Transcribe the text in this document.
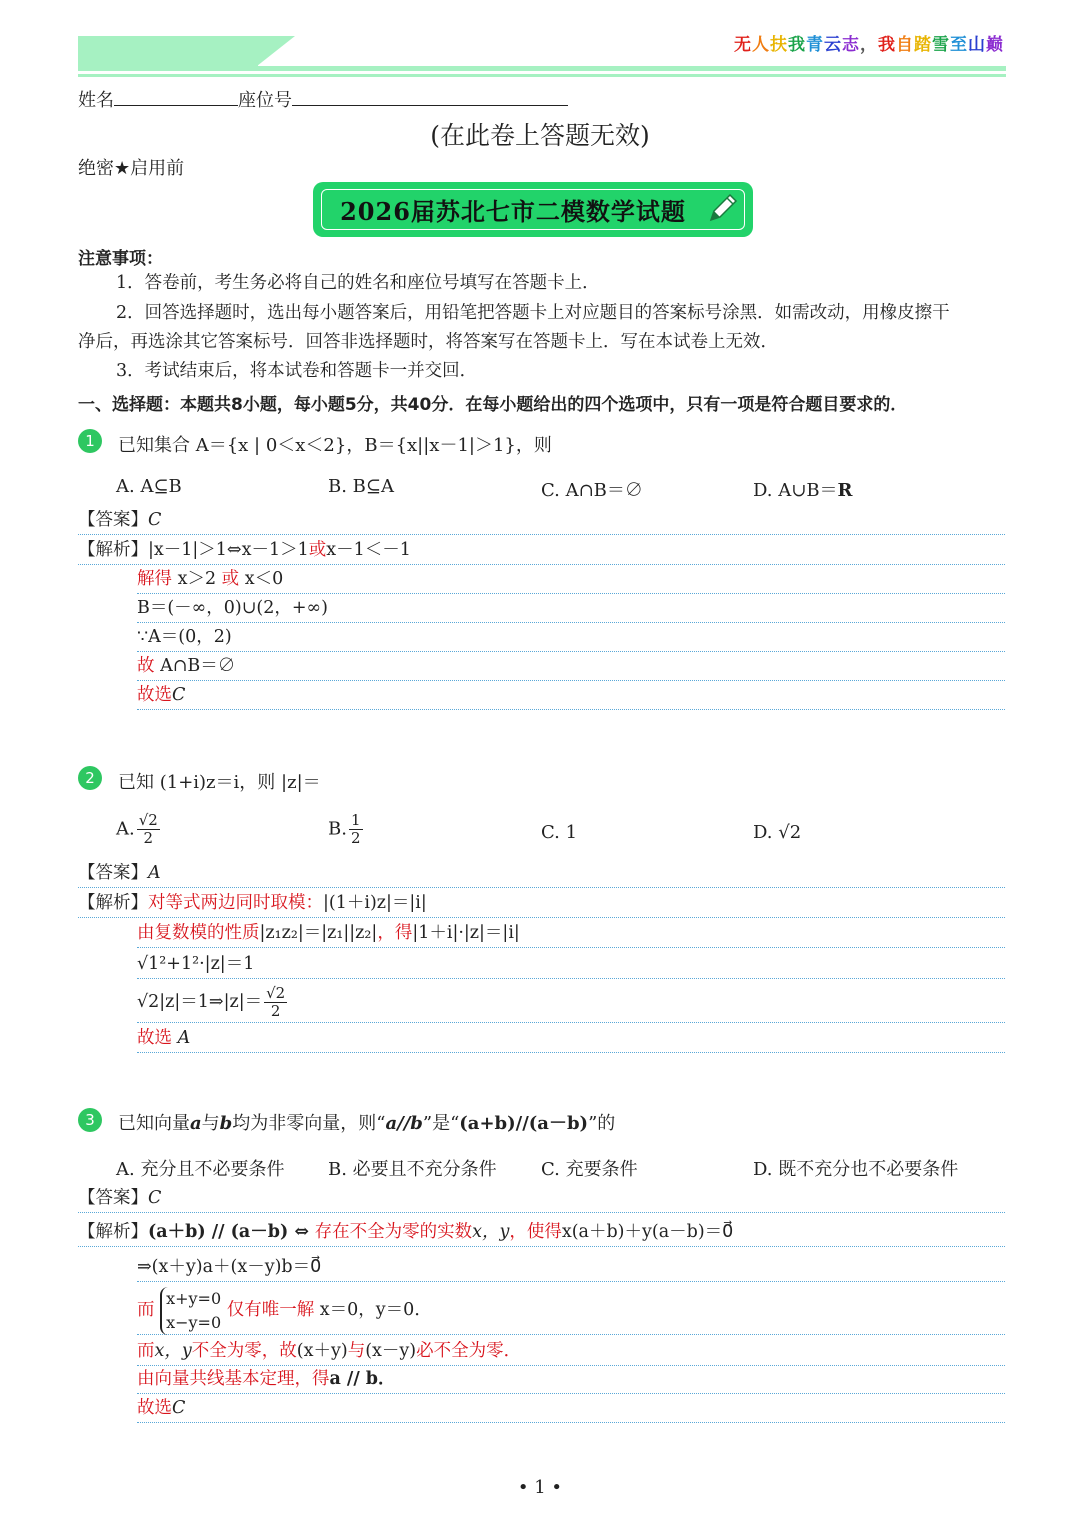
无人扶我青云志，我自踏雪至山巅
姓名	座位号
(在此卷上答题无效)
绝密★启用前
2026届苏北七市二模数学试题
注意事项：
1．答卷前，考生务必将自己的姓名和座位号填写在答题卡上．
2．回答选择题时，选出每小题答案后，用铅笔把答题卡上对应题目的答案标号涂黑．如需改动，用橡皮擦干
净后，再选涂其它答案标号．回答非选择题时，将答案写在答题卡上．写在本试卷上无效．
3．考试结束后，将本试卷和答题卡一并交回．
一、选择题：本题共8小题，每小题5分，共40分．在每小题给出的四个选项中，只有一项是符合题目要求的．
1	已知集合 A＝{x | 0＜x＜2}，B＝{x||x－1|＞1}，则
A. A⊆B	B. B⊆A	C. A∩B＝∅	D. A∪B＝R
【答案】C
【解析】|x－1|＞1⇔x－1＞1或x－1＜－1
解得 x＞2 或 x＜0
B＝(－∞，0)∪(2，+∞)
∵A＝(0，2)
故 A∩B＝∅
故选C
2	已知 (1+i)z＝i，则 |z|＝
A. $\frac{√2}{2}$	B. $\frac{1}{2}$	C. 1	D. √2
【答案】A
【解析】对等式两边同时取模：|(1＋i)z|＝|i|
由复数模的性质|z₁z₂|＝|z₁||z₂|，得|1＋i|·|z|＝|i|
√1²+1²·|z|＝1
√2|z|＝1⇒|z|＝ $\frac{√2}{2}$
故选 A
3	已知向量a与b均为非零向量，则“a//b”是“(a+b)//(a－b)”的
A. 充分且不必要条件 B. 必要且不充分条件 C. 充要条件	D. 既不充分也不必要条件
【答案】C
【解析】(a＋b) // (a－b) ⇔ 存在不全为零的实数x，y，使得x(a＋b)＋y(a－b)＝0⃗
⇒(x＋y)a＋(x－y)b＝0⃗
而
x+y=0
x−y=0
仅有唯一解 x＝0，y＝0．
而x，y不全为零，故(x＋y)与(x－y)必不全为零．
由向量共线基本定理，得a // b．
故选C
• 1 •
